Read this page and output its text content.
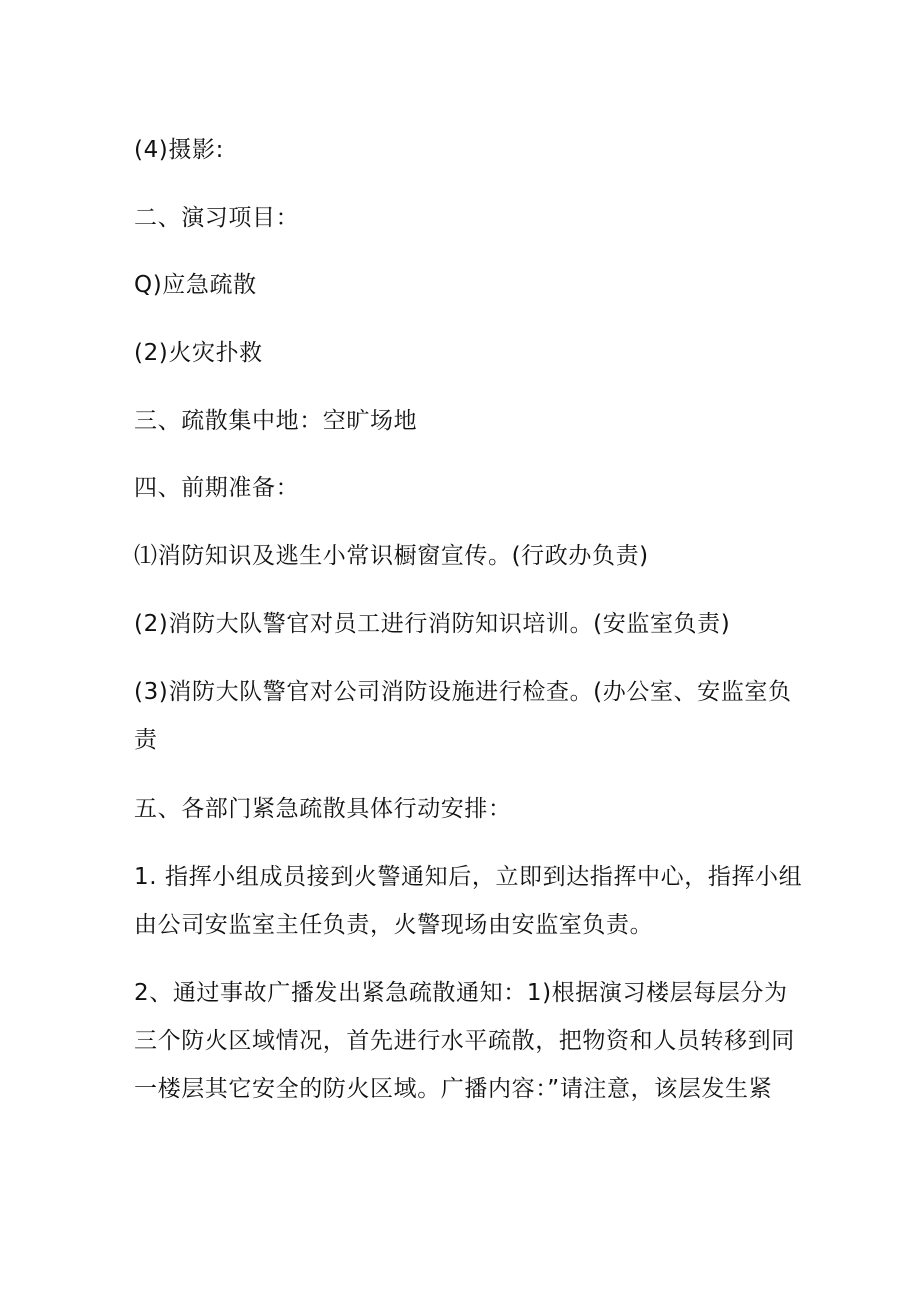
(4)摄影:
二、演习项目：
Q)应急疏散
(2)火灾扑救
三、疏散集中地：空旷场地
四、前期准备：
⑴消防知识及逃生小常识橱窗宣传。(行政办负责)
(2)消防大队警官对员工进行消防知识培训。(安监室负责)
(3)消防大队警官对公司消防设施进行检查。(办公室、安监室负
责
五、各部门紧急疏散具体行动安排：
1. 指挥小组成员接到火警通知后，立即到达指挥中心，指挥小组
由公司安监室主任负责，火警现场由安监室负责。
2、通过事故广播发出紧急疏散通知：1)根据演习楼层每层分为
三个防火区域情况，首先进行水平疏散，把物资和人员转移到同
一楼层其它安全的防火区域。广播内容：”请注意，该层发生紧
